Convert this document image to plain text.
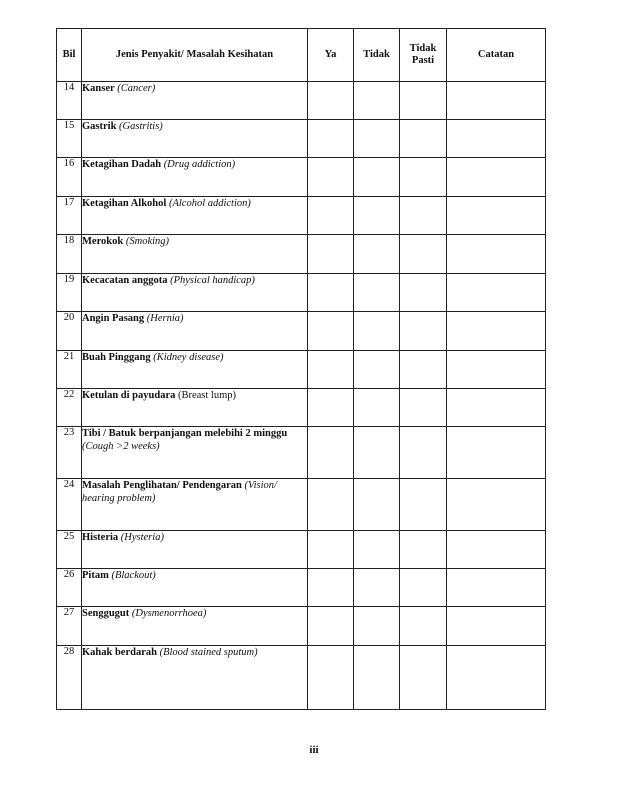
Bil	Jenis Penyakit/ Masalah Kesihatan	Ya	Tidak	Tidak Pasti	Catatan
14	Kanser (Cancer)				
15	Gastrik (Gastritis)				
16	Ketagihan Dadah (Drug addiction)				
17	Ketagihan Alkohol (Alcohol addiction)				
18	Merokok (Smoking)				
19	Kecacatan anggota (Physical handicap)				
20	Angin Pasang (Hernia)				
21	Buah Pinggang (Kidney disease)				
22	Ketulan di payudara (Breast lump)				
23	Tibi / Batuk berpanjangan melebihi 2 minggu (Cough >2 weeks)				
24	Masalah Penglihatan/ Pendengaran (Vision/ hearing problem)				
25	Histeria (Hysteria)				
26	Pitam (Blackout)				
27	Senggugut (Dysmenorrhoea)				
28	Kahak berdarah (Blood stained sputum)				
iii
